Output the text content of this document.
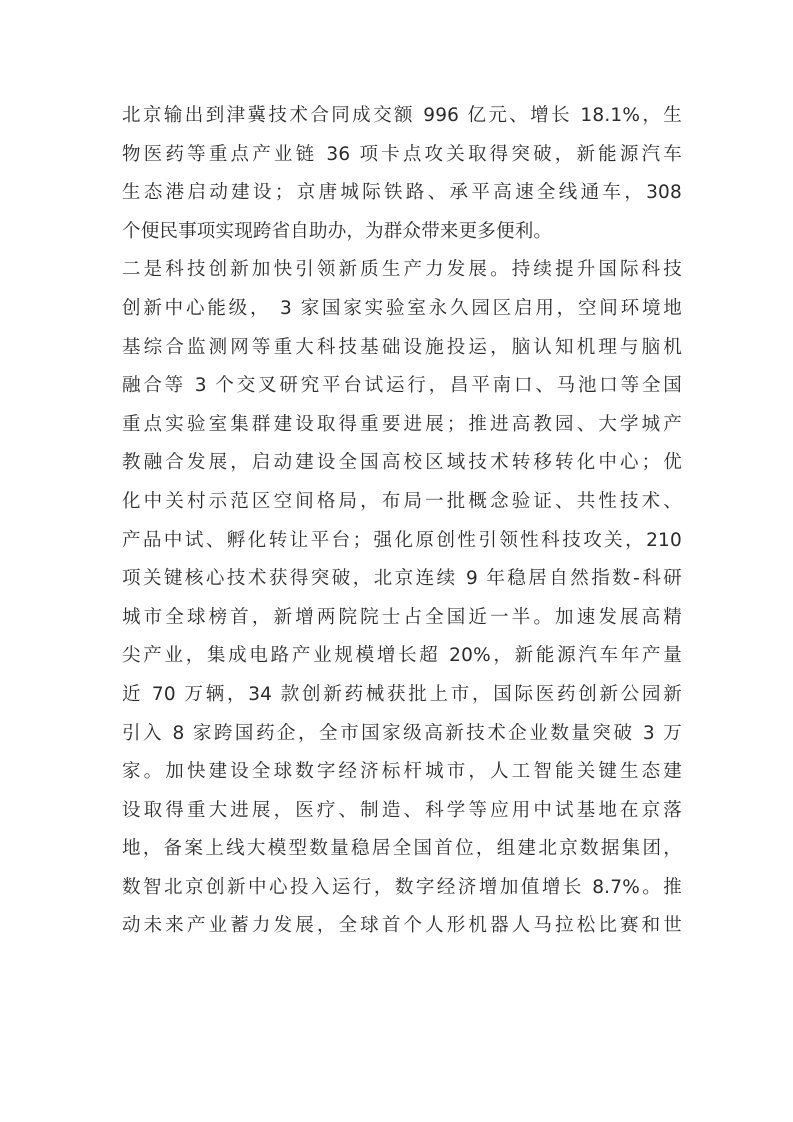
北京输出到津冀技术合同成交额 996 亿元、增长 18.1%，生
物医药等重点产业链 36 项卡点攻关取得突破，新能源汽车
生态港启动建设；京唐城际铁路、承平高速全线通车，308
个便民事项实现跨省自助办，为群众带来更多便利。
二是科技创新加快引领新质生产力发展。持续提升国际科技
创新中心能级， 3 家国家实验室永久园区启用，空间环境地
基综合监测网等重大科技基础设施投运，脑认知机理与脑机
融合等 3 个交叉研究平台试运行，昌平南口、马池口等全国
重点实验室集群建设取得重要进展；推进高教园、大学城产
教融合发展，启动建设全国高校区域技术转移转化中心；优
化中关村示范区空间格局，布局一批概念验证、共性技术、
产品中试、孵化转让平台；强化原创性引领性科技攻关，210
项关键核心技术获得突破，北京连续 9 年稳居自然指数-科研
城市全球榜首，新增两院院士占全国近一半。加速发展高精
尖产业，集成电路产业规模增长超 20%，新能源汽车年产量
近 70 万辆，34 款创新药械获批上市，国际医药创新公园新
引入 8 家跨国药企，全市国家级高新技术企业数量突破 3 万
家。加快建设全球数字经济标杆城市，人工智能关键生态建
设取得重大进展，医疗、制造、科学等应用中试基地在京落
地，备案上线大模型数量稳居全国首位，组建北京数据集团，
数智北京创新中心投入运行，数字经济增加值增长 8.7%。推
动未来产业蓄力发展，全球首个人形机器人马拉松比赛和世
